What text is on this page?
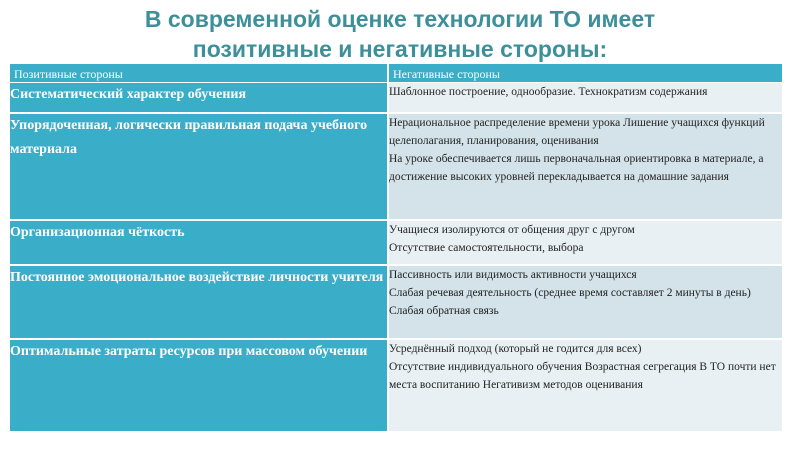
В современной оценке технологии ТО имеет
позитивные и негативные стороны:
Позитивные стороны	Негативные стороны
Систематический характер обучения	Шаблонное построение, однообразие. Технократизм содержания

Упорядоченная, логически правильная подача учебного материала	Нерациональное распределение времени урока Лишение учащихся функций целеполагания, планирования, оценивания
На уроке обеспечивается лишь первоначальная ориентировка в материале, а достижение высоких уровней перекладывается на домашние задания

Организационная чёткость	Учащиеся изолируются от общения друг с другом
Отсутствие самостоятельности, выбора

Постоянное эмоциональное воздействие личности учителя	Пассивность или видимость активности учащихся
Слабая речевая деятельность (среднее время составляет 2 минуты в день) Слабая обратная связь

Оптимальные затраты ресурсов при массовом обучении	Усреднённый подход (который не годится для всех)
Отсутствие индивидуального обучения Возрастная сегрегация В ТО почти нет места воспитанию Негативизм методов оценивания
